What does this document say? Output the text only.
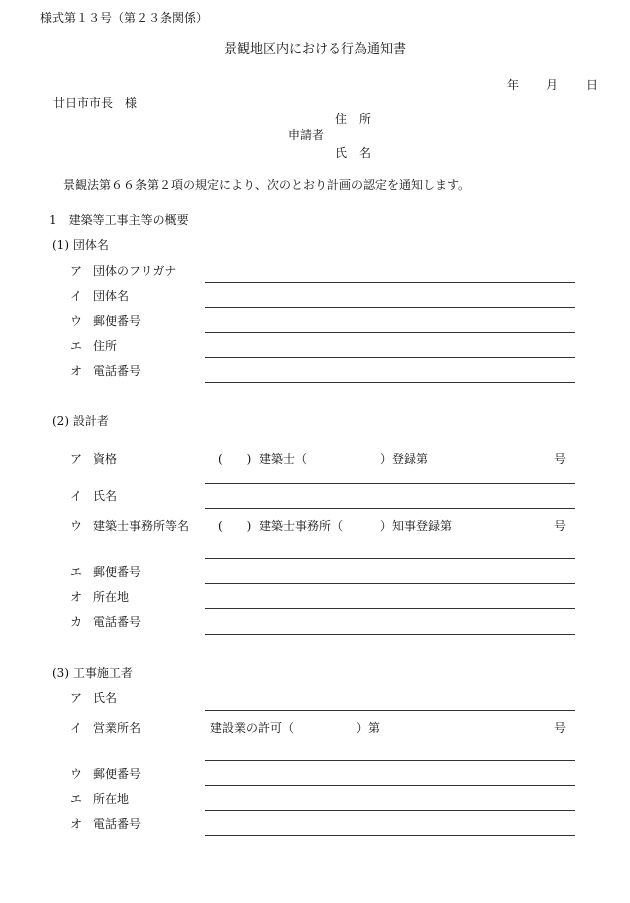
様式第１３号（第２３条関係）
景観地区内における行為通知書
年 月 日
廿日市市長　様
住　所
申請者
氏　名
景観法第６６条第２項の規定により、次のとおり計画の認定を通知します。
1　建築等工事主等の概要
(1) 団体名
ア 団体のフリガナ
イ 団体名
ウ 郵便番号
エ 住所
オ 電話番号
(2) 設計者
ア 資格	(　　) 建築士（	）登録第	号
イ 氏名
ウ 建築士事務所等名 (　　) 建築士事務所（	）知事登録第	号
エ 郵便番号
オ 所在地
カ 電話番号
(3) 工事施工者
ア 氏名
イ 営業所名	建設業の許可（	）第	号
ウ 郵便番号
エ 所在地
オ 電話番号
